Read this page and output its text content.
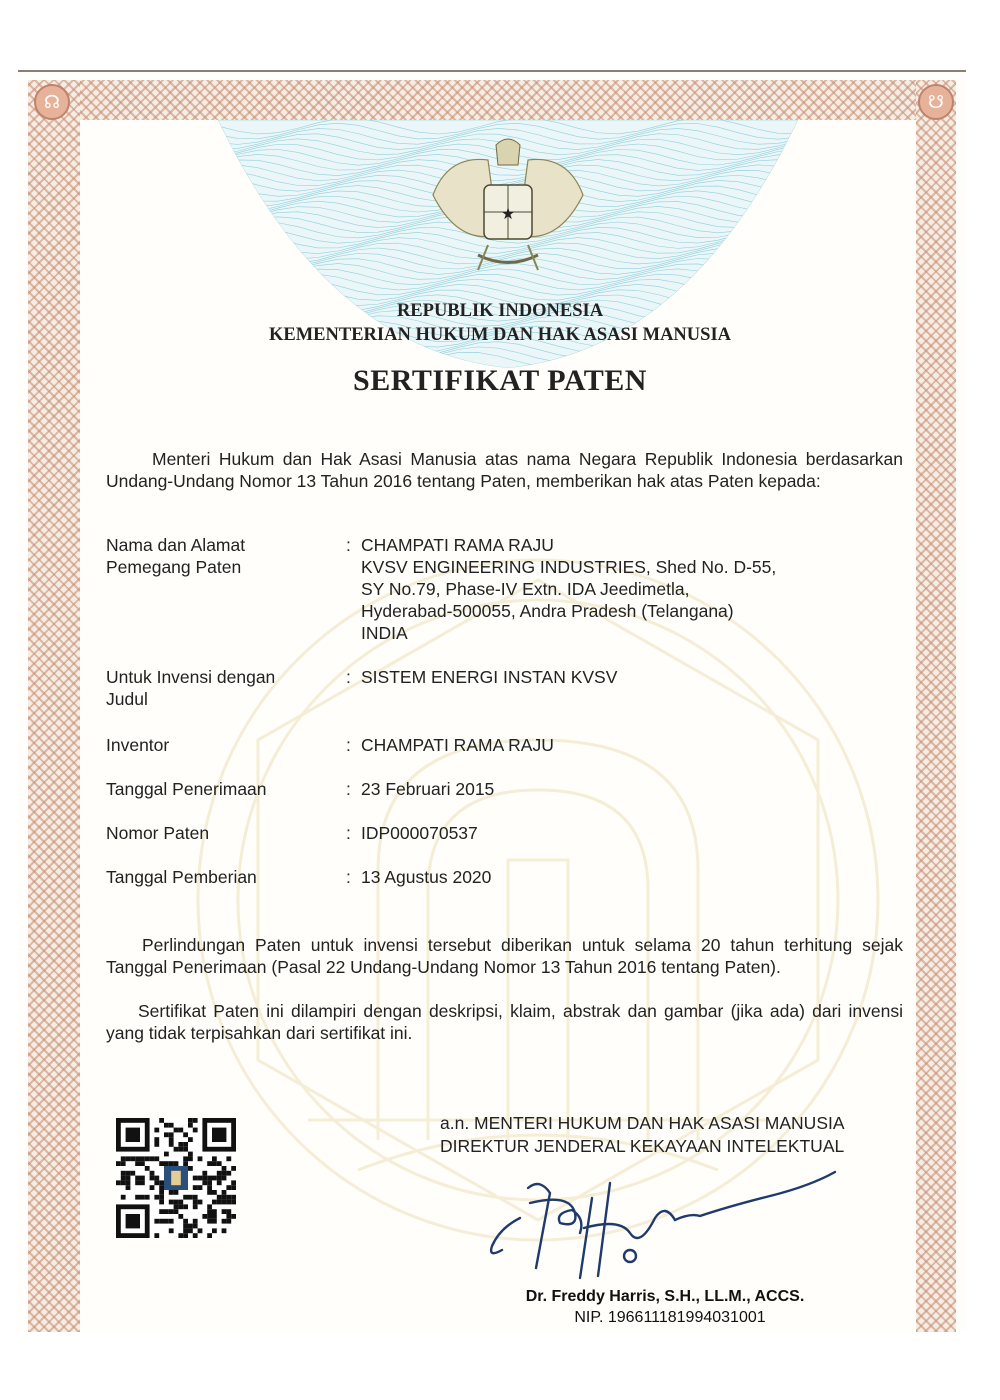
☊	☋
★
REPUBLIK INDONESIA
KEMENTERIAN HUKUM DAN HAK ASASI MANUSIA
SERTIFIKAT PATEN
Menteri Hukum dan Hak Asasi Manusia atas nama Negara Republik Indonesia berdasarkan Undang-Undang Nomor 13 Tahun 2016 tentang Paten, memberikan hak atas Paten kepada:
Nama dan Alamat
Pemegang Paten
: CHAMPATI RAMA RAJU
KVSV ENGINEERING INDUSTRIES, Shed No. D-55,
SY No.79, Phase-IV Extn. IDA Jeedimetla,
Hyderabad-500055, Andra Pradesh (Telangana)
INDIA
Untuk Invensi dengan
Judul
: SISTEM ENERGI INSTAN KVSV
Inventor	: CHAMPATI RAMA RAJU
Tanggal Penerimaan	: 23 Februari 2015
Nomor Paten	: IDP000070537
Tanggal Pemberian	: 13 Agustus 2020
Perlindungan Paten untuk invensi tersebut diberikan untuk selama 20 tahun terhitung sejak Tanggal Penerimaan (Pasal 22 Undang-Undang Nomor 13 Tahun 2016 tentang Paten).
Sertifikat Paten ini dilampiri dengan deskripsi, klaim, abstrak dan gambar (jika ada) dari invensi yang tidak terpisahkan dari sertifikat ini.
a.n. MENTERI HUKUM DAN HAK ASASI MANUSIA
DIREKTUR JENDERAL KEKAYAAN INTELEKTUAL
Dr. Freddy Harris, S.H., LL.M., ACCS.
NIP. 196611181994031001
